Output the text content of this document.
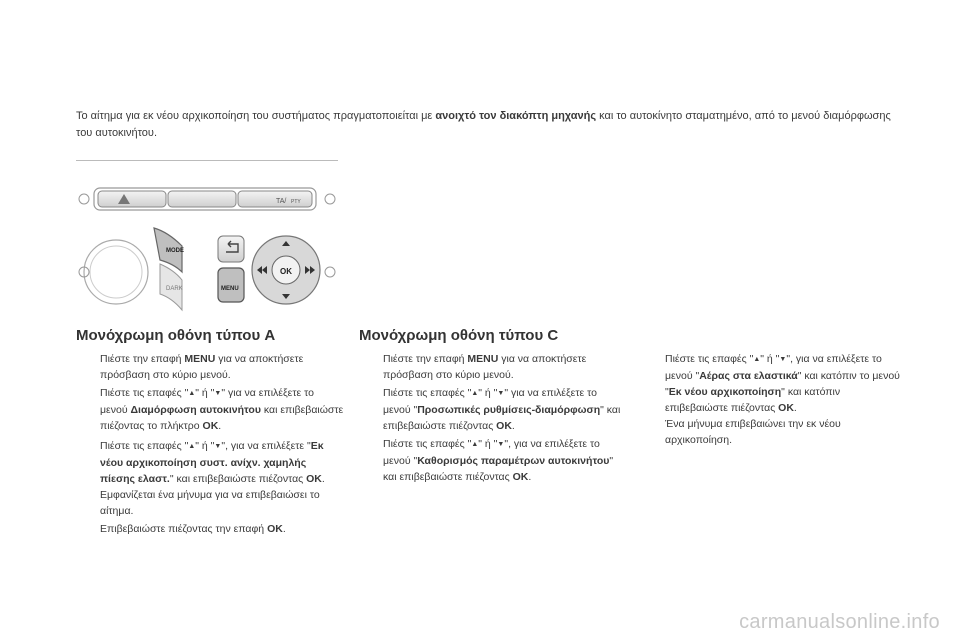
Το αίτημα για εκ νέου αρχικοποίηση του συστήματος πραγματοποιείται με ανοιχτό τον διακόπτη μηχανής και το αυτοκίνητο σταματημένο, από το μενού διαμόρφωσης του αυτοκινήτου.
TA/ PTY
MODE
DARK	MENU
OK
Μονόχρωμη οθόνη τύπου A
Πιέστε την επαφή MENU για να αποκτήσετε πρόσβαση στο κύριο μενού.
Πιέστε τις επαφές "▲" ή "▼" για να επιλέξετε το μενού Διαμόρφωση αυτοκινήτου και επιβεβαιώστε πιέζοντας το πλήκτρο OK.
Πιέστε τις επαφές "▲" ή "▼", για να επιλέξετε "Εκ νέου αρχικοποίηση συστ. ανίχν. χαμηλής πίεσης ελαστ." και επιβεβαιώστε πιέζοντας OK.
Εμφανίζεται ένα μήνυμα για να επιβεβαιώσει το αίτημα.
Επιβεβαιώστε πιέζοντας την επαφή OK.
Μονόχρωμη οθόνη τύπου C
Πιέστε την επαφή MENU για να αποκτήσετε πρόσβαση στο κύριο μενού.
Πιέστε τις επαφές "▲" ή "▼" για να επιλέξετε το μενού "Προσωπικές ρυθμίσεις-διαμόρφωση" και επιβεβαιώστε πιέζοντας OK.
Πιέστε τις επαφές "▲" ή "▼", για να επιλέξετε το μενού "Καθορισμός παραμέτρων αυτοκινήτου" και επιβεβαιώστε πιέζοντας OK.
Πιέστε τις επαφές "▲" ή "▼", για να επιλέξετε το μενού "Αέρας στα ελαστικά" και κατόπιν το μενού "Εκ νέου αρχικοποίηση" και κατόπιν επιβεβαιώστε πιέζοντας OK.
Ένα μήνυμα επιβεβαιώνει την εκ νέου αρχικοποίηση.
carmanualsonline.info
